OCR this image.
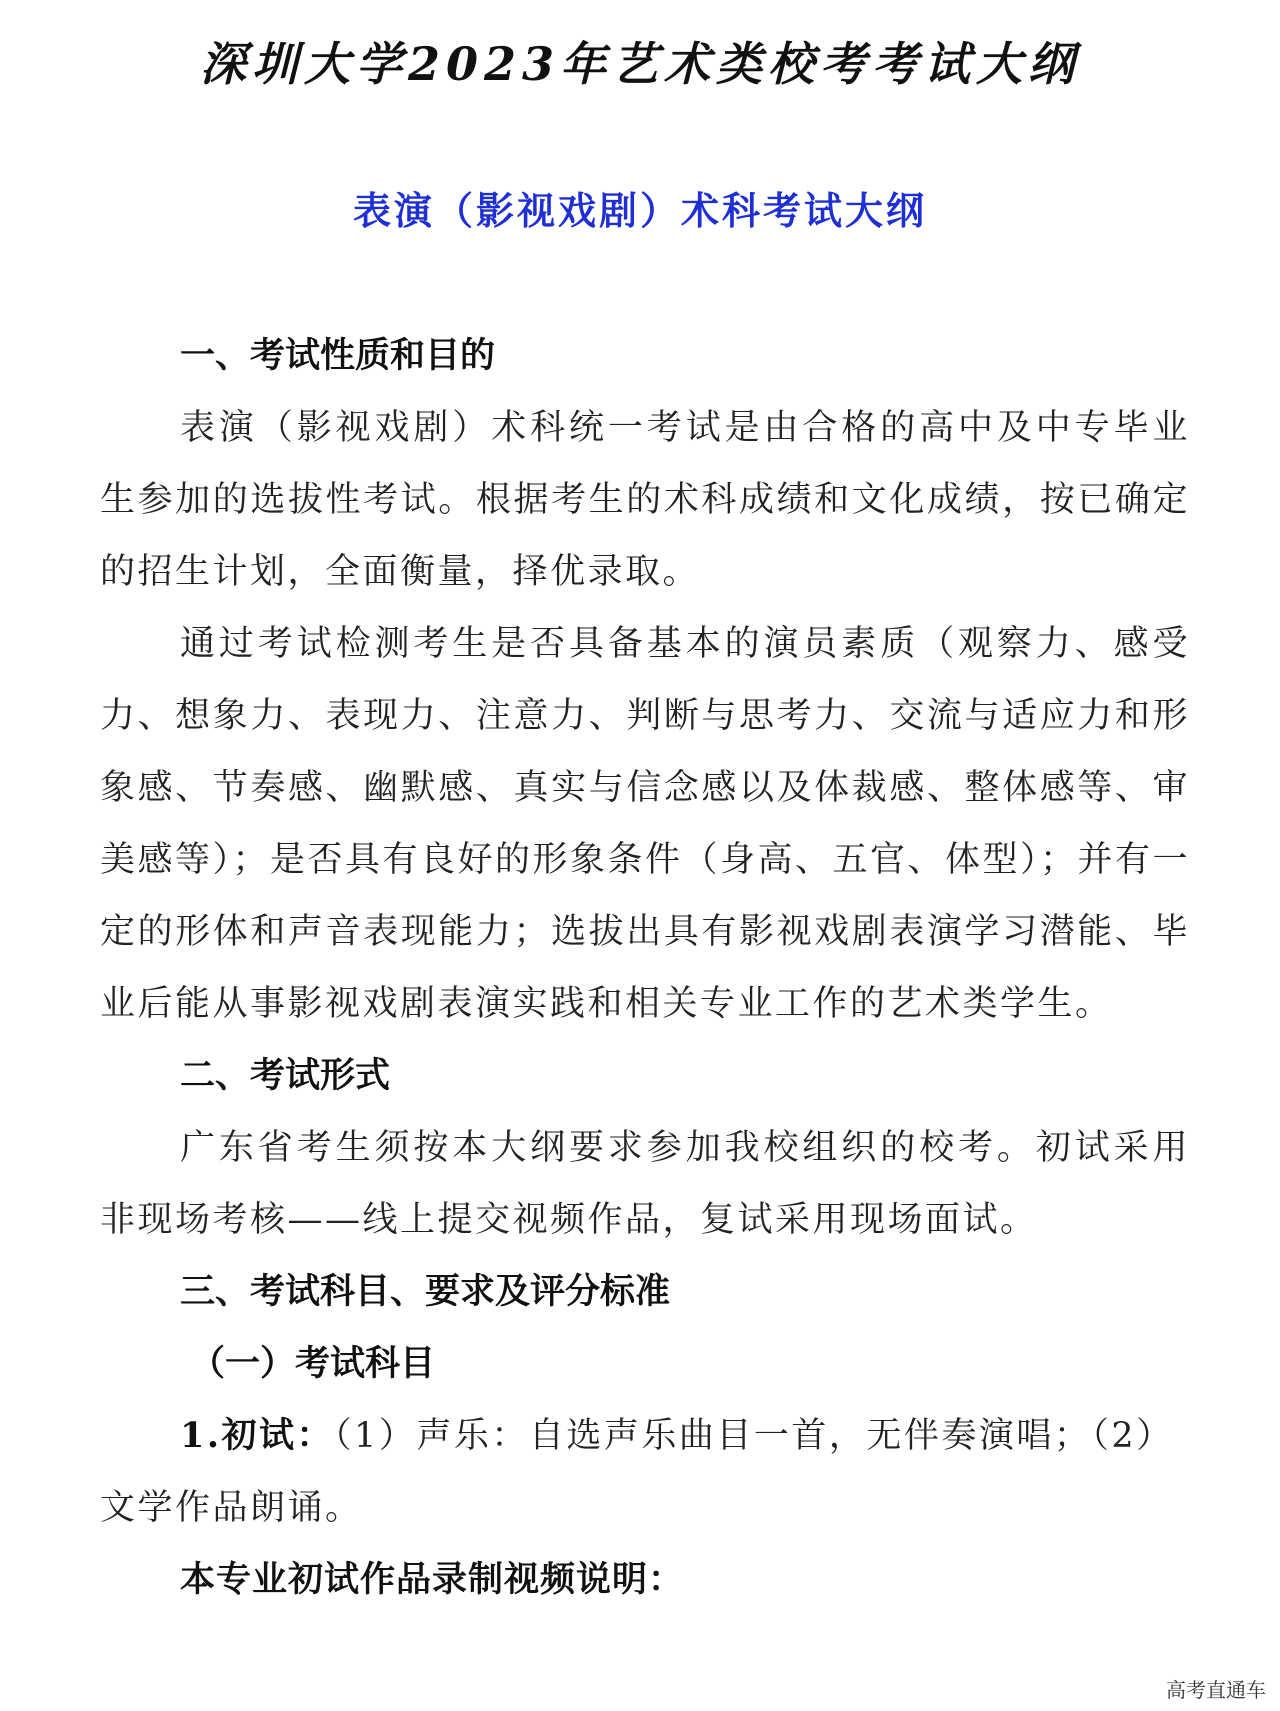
深圳大学2023年艺术类校考考试大纲
表演（影视戏剧）术科考试大纲

一、考试性质和目的

表演（影视戏剧）术科统一考试是由合格的高中及中专毕业生参加的选拔性考试。根据考生的术科成绩和文化成绩，按已确定的招生计划，全面衡量，择优录取。

通过考试检测考生是否具备基本的演员素质（观察力、感受力、想象力、表现力、注意力、判断与思考力、交流与适应力和形象感、节奏感、幽默感、真实与信念感以及体裁感、整体感等、审美感等）；是否具有良好的形象条件（身高、五官、体型）；并有一定的形体和声音表现能力；选拔出具有影视戏剧表演学习潜能、毕业后能从事影视戏剧表演实践和相关专业工作的艺术类学生。

二、考试形式

广东省考生须按本大纲要求参加我校组织的校考。初试采用非现场考核——线上提交视频作品，复试采用现场面试。

三、考试科目、要求及评分标准

（一）考试科目

1.初试：（1）声乐：自选声乐曲目一首，无伴奏演唱；（2）文学作品朗诵。

本专业初试作品录制视频说明：

高考直通车
